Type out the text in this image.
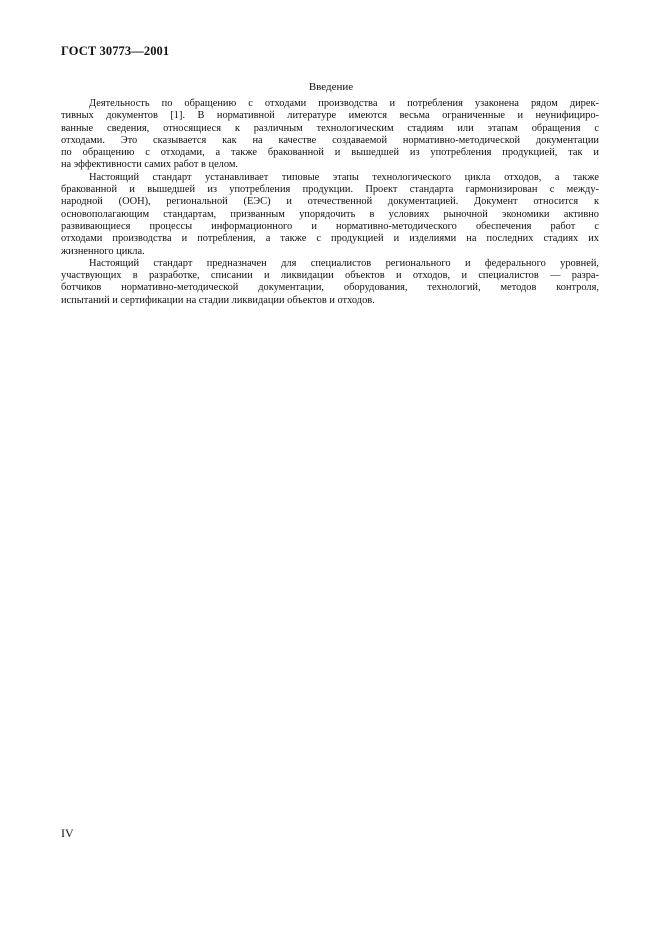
ГОСТ 30773—2001
Введение
Деятельность по обращению с отходами производства и потребления узаконена рядом дирек-
тивных документов [1]. В нормативной литературе имеются весьма ограниченные и неунифициро-
ванные сведения, относящиеся к различным технологическим стадиям или этапам обращения с
отходами. Это сказывается как на качестве создаваемой нормативно-методической документации
по обращению с отходами, а также бракованной и вышедшей из употребления продукцией, так и
на эффективности самих работ в целом.
Настоящий стандарт устанавливает типовые этапы технологического цикла отходов, а также
бракованной и вышедшей из употребления продукции. Проект стандарта гармонизирован с между-
народной (ООН), региональной (ЕЭС) и отечественной документацией. Документ относится к
основополагающим стандартам, призванным упорядочить в условиях рыночной экономики активно
развивающиеся процессы информационного и нормативно-методического обеспечения работ с
отходами производства и потребления, а также с продукцией и изделиями на последних стадиях их
жизненного цикла.
Настоящий стандарт предназначен для специалистов регионального и федерального уровней,
участвующих в разработке, списании и ликвидации объектов и отходов, и специалистов — разра-
ботчиков нормативно-методической документации, оборудования, технологий, методов контроля,
испытаний и сертификации на стадии ликвидации объектов и отходов.
IV
